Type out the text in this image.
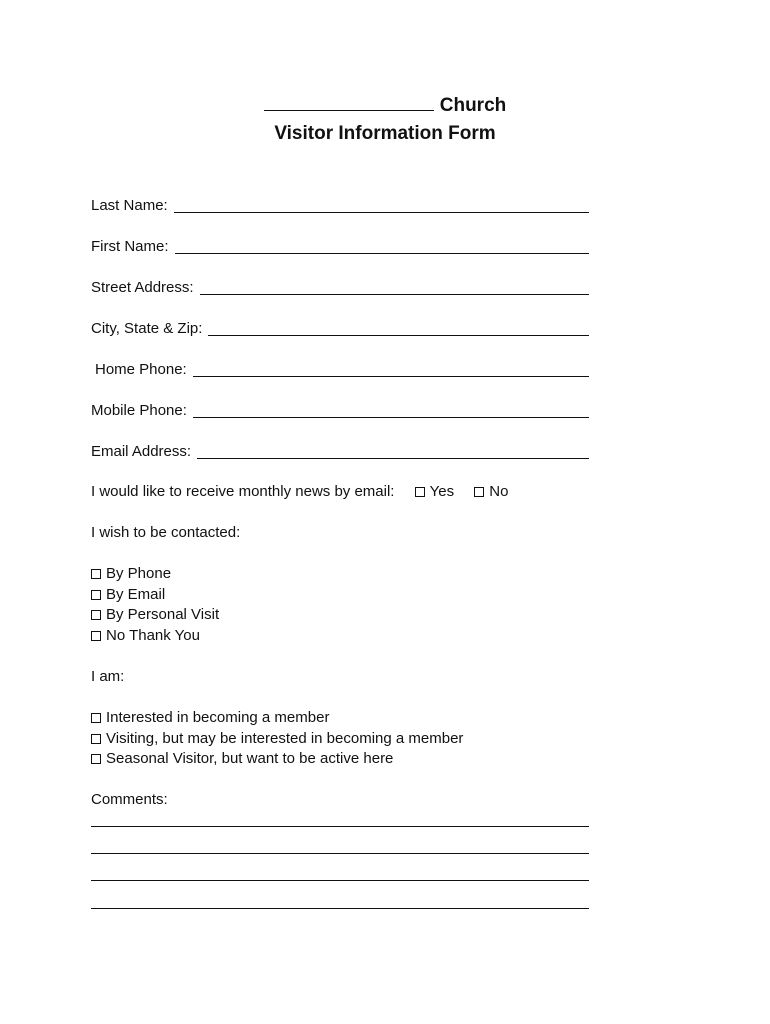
Church
Visitor Information Form
Last Name:
First Name:
Street Address:
City, State & Zip:
Home Phone:
Mobile Phone:
Email Address:
I would like to receive monthly news by email: Yes No
I wish to be contacted:
By Phone
By Email
By Personal Visit
No Thank You
I am:
Interested in becoming a member
Visiting, but may be interested in becoming a member
Seasonal Visitor, but want to be active here
Comments:
